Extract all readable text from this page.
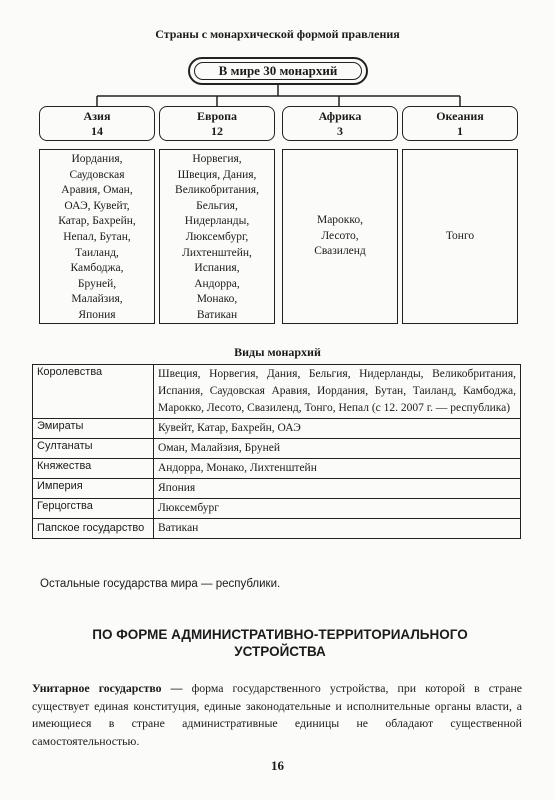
Страны с монархической формой правления
В мире 30 монархий
Азия
14
Европа
12
Африка
3
Океания
1
Иордания,
Саудовская
Аравия, Оман,
ОАЭ, Кувейт,
Катар, Бахрейн,
Непал, Бутан,
Таиланд,
Камбоджа,
Бруней,
Малайзия,
Япония
Норвегия,
Швеция, Дания,
Великобритания,
Бельгия,
Нидерланды,
Люксембург,
Лихтенштейн,
Испания,
Андорра,
Монако,
Ватикан
Марокко,
Лесото,
Свазиленд
Тонго
Виды монархий
Королевства	Швеция, Норвегия, Дания, Бельгия, Нидерланды, Великобритания, Испания, Саудовская Аравия, Иордания, Бутан, Таиланд, Камбоджа, Марокко, Лесото, Свазиленд, Тонго, Непал (с 12. 2007 г. — республика)
Эмираты	Кувейт, Катар, Бахрейн, ОАЭ
Султанаты	Оман, Малайзия, Бруней
Княжества	Андорра, Монако, Лихтенштейн
Империя	Япония
Герцогства	Люксембург
Папское государство	Ватикан
Остальные государства мира — республики.
ПО ФОРМЕ АДМИНИСТРАТИВНО-ТЕРРИТОРИАЛЬНОГО УСТРОЙСТВА
Унитарное государство — форма государственного устройства, при которой в стране существует единая конституция, единые законодательные и исполнительные органы власти, а имеющиеся в стране административные единицы не обладают существенной самостоятельностью.
16
